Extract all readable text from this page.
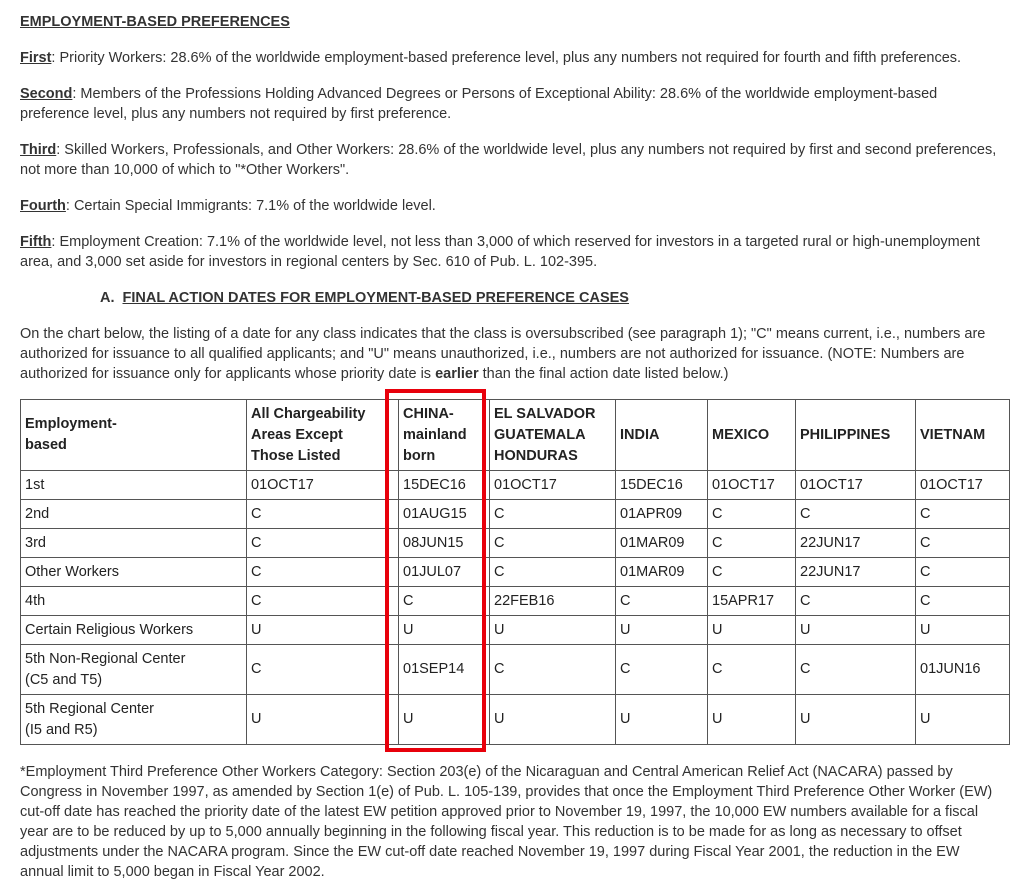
EMPLOYMENT-BASED PREFERENCES

First: Priority Workers: 28.6% of the worldwide employment-based preference level, plus any numbers not required for fourth and fifth preferences.

Second: Members of the Professions Holding Advanced Degrees or Persons of Exceptional Ability: 28.6% of the worldwide employment-based preference level, plus any numbers not required by first preference.

Third: Skilled Workers, Professionals, and Other Workers: 28.6% of the worldwide level, plus any numbers not required by first and second preferences, not more than 10,000 of which to "*Other Workers".

Fourth: Certain Special Immigrants: 7.1% of the worldwide level.

Fifth: Employment Creation: 7.1% of the worldwide level, not less than 3,000 of which reserved for investors in a targeted rural or high-unemployment area, and 3,000 set aside for investors in regional centers by Sec. 610 of Pub. L. 102-395.

A. FINAL ACTION DATES FOR EMPLOYMENT-BASED PREFERENCE CASES

On the chart below, the listing of a date for any class indicates that the class is oversubscribed (see paragraph 1); "C" means current, i.e., numbers are authorized for issuance to all qualified applicants; and "U" means unauthorized, i.e., numbers are not authorized for issuance. (NOTE: Numbers are authorized for issuance only for applicants whose priority date is earlier than the final action date listed below.)

Employment-
based	All Chargeability
Areas Except
Those Listed	CHINA-
mainland
born	EL SALVADOR
GUATEMALA
HONDURAS	INDIA	MEXICO	PHILIPPINES	VIETNAM
1st	01OCT17	15DEC16	01OCT17	15DEC16	01OCT17	01OCT17	01OCT17
2nd	C	01AUG15	C	01APR09	C	C	C
3rd	C	08JUN15	C	01MAR09	C	22JUN17	C
Other Workers	C	01JUL07	C	01MAR09	C	22JUN17	C
4th	C	C	22FEB16	C	15APR17	C	C
Certain Religious Workers	U	U	U	U	U	U	U
5th Non-Regional Center
(C5 and T5)	C	01SEP14	C	C	C	C	01JUN16
5th Regional Center
(I5 and R5)	U	U	U	U	U	U	U

*Employment Third Preference Other Workers Category: Section 203(e) of the Nicaraguan and Central American Relief Act (NACARA) passed by Congress in November 1997, as amended by Section 1(e) of Pub. L. 105-139, provides that once the Employment Third Preference Other Worker (EW) cut-off date has reached the priority date of the latest EW petition approved prior to November 19, 1997, the 10,000 EW numbers available for a fiscal year are to be reduced by up to 5,000 annually beginning in the following fiscal year. This reduction is to be made for as long as necessary to offset adjustments under the NACARA program. Since the EW cut-off date reached November 19, 1997 during Fiscal Year 2001, the reduction in the EW annual limit to 5,000 began in Fiscal Year 2002.
